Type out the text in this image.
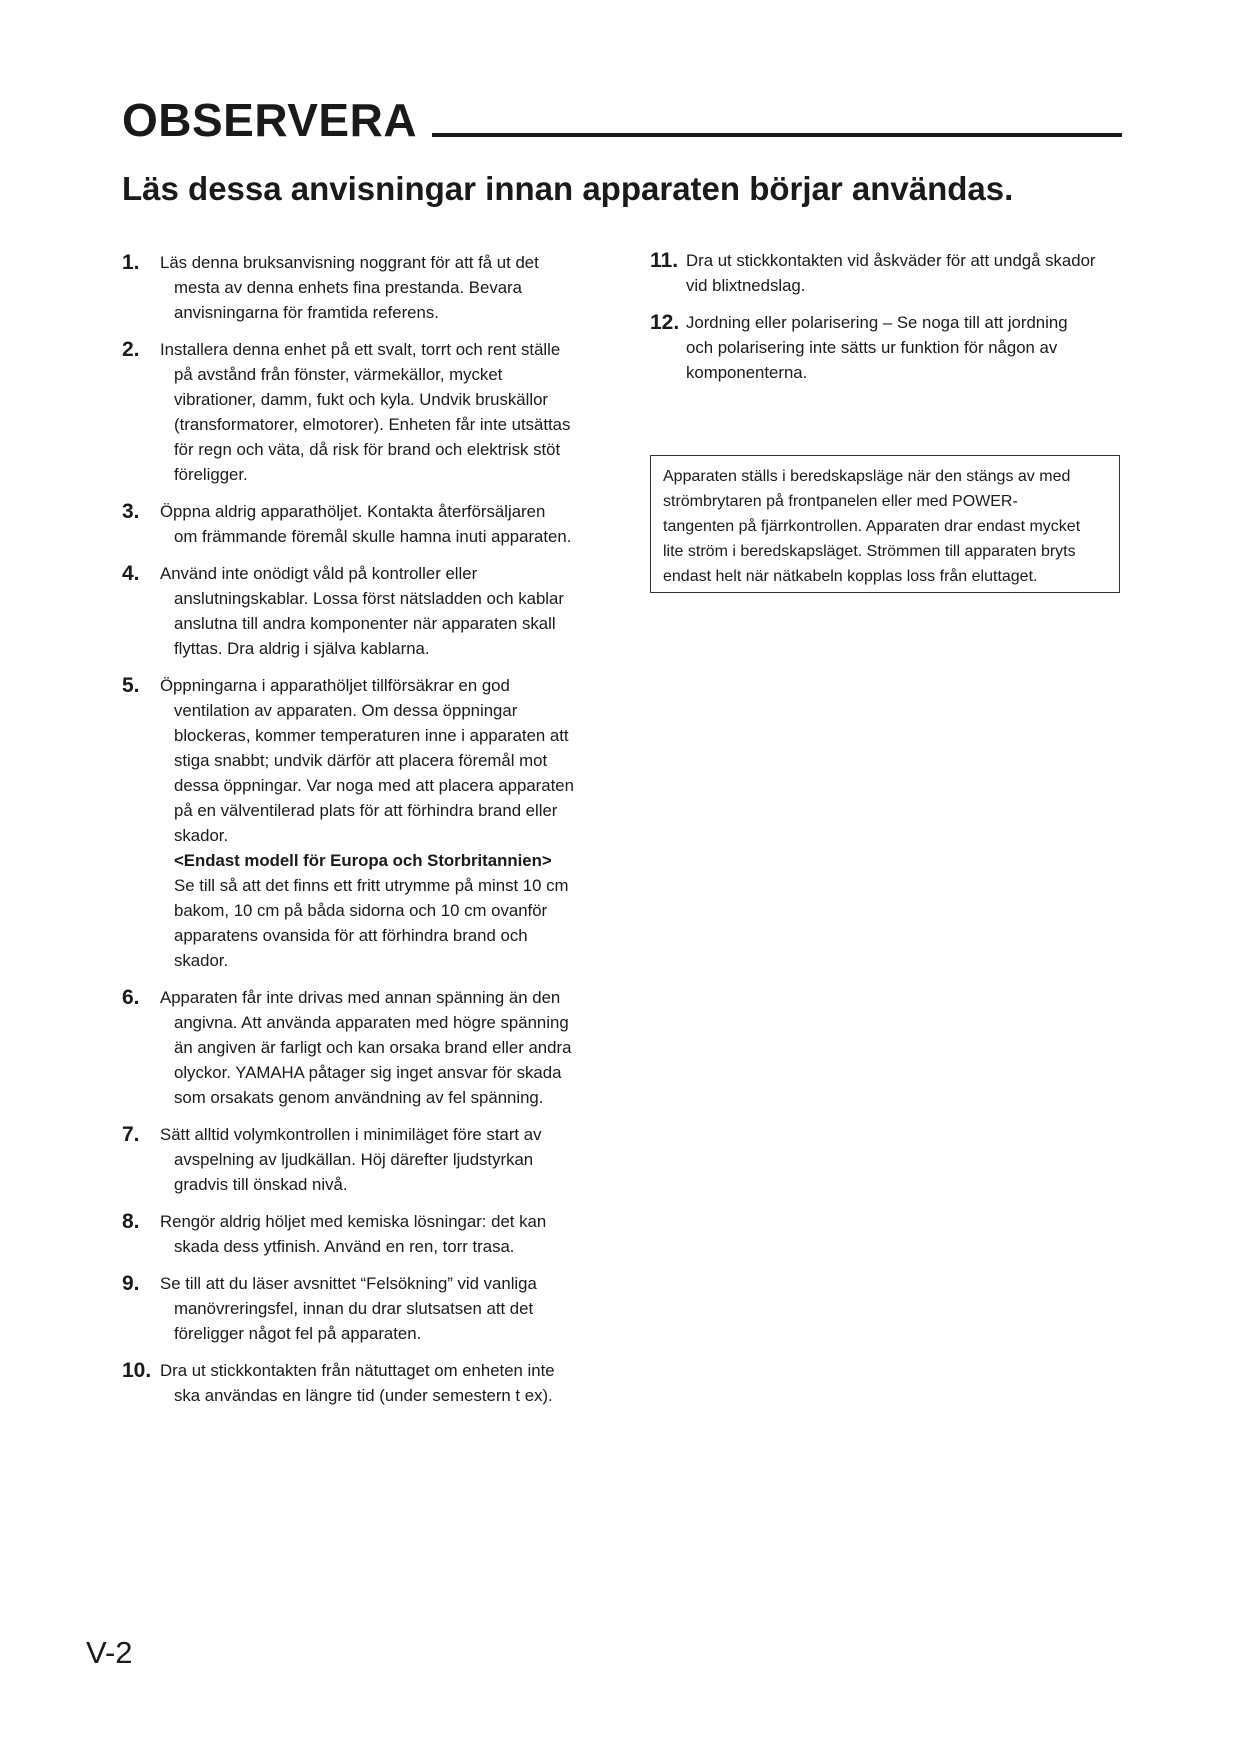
OBSERVERA
Läs dessa anvisningar innan apparaten börjar användas.
1.	Läs denna bruksanvisning noggrant för att få ut det
mesta av denna enhets fina prestanda. Bevara
anvisningarna för framtida referens.
2.	Installera denna enhet på ett svalt, torrt och rent ställe
på avstånd från fönster, värmekällor, mycket
vibrationer, damm, fukt och kyla. Undvik bruskällor
(transformatorer, elmotorer). Enheten får inte utsättas
för regn och väta, då risk för brand och elektrisk stöt
föreligger.
3.	Öppna aldrig apparathöljet. Kontakta återförsäljaren
om främmande föremål skulle hamna inuti apparaten.
4.	Använd inte onödigt våld på kontroller eller
anslutningskablar. Lossa först nätsladden och kablar
anslutna till andra komponenter när apparaten skall
flyttas. Dra aldrig i själva kablarna.
5.	Öppningarna i apparathöljet tillförsäkrar en god
ventilation av apparaten. Om dessa öppningar
blockeras, kommer temperaturen inne i apparaten att
stiga snabbt; undvik därför att placera föremål mot
dessa öppningar. Var noga med att placera apparaten
på en välventilerad plats för att förhindra brand eller
skador.
<Endast modell för Europa och Storbritannien>
Se till så att det finns ett fritt utrymme på minst 10 cm
bakom, 10 cm på båda sidorna och 10 cm ovanför
apparatens ovansida för att förhindra brand och
skador.
6.	Apparaten får inte drivas med annan spänning än den
angivna. Att använda apparaten med högre spänning
än angiven är farligt och kan orsaka brand eller andra
olyckor. YAMAHA påtager sig inget ansvar för skada
som orsakats genom användning av fel spänning.
7.	Sätt alltid volymkontrollen i minimiläget före start av
avspelning av ljudkällan. Höj därefter ljudstyrkan
gradvis till önskad nivå.
8.	Rengör aldrig höljet med kemiska lösningar: det kan
skada dess ytfinish. Använd en ren, torr trasa.
9.	Se till att du läser avsnittet “Felsökning” vid vanliga
manövreringsfel, innan du drar slutsatsen att det
föreligger något fel på apparaten.
10. Dra ut stickkontakten från nätuttaget om enheten inte
ska användas en längre tid (under semestern t ex).
11. Dra ut stickkontakten vid åskväder för att undgå skador
vid blixtnedslag.
12. Jordning eller polarisering – Se noga till att jordning
och polarisering inte sätts ur funktion för någon av
komponenterna.
Apparaten ställs i beredskapsläge när den stängs av med
strömbrytaren på frontpanelen eller med POWER-
tangenten på fjärrkontrollen. Apparaten drar endast mycket
lite ström i beredskapsläget. Strömmen till apparaten bryts
endast helt när nätkabeln kopplas loss från eluttaget.
V-2
